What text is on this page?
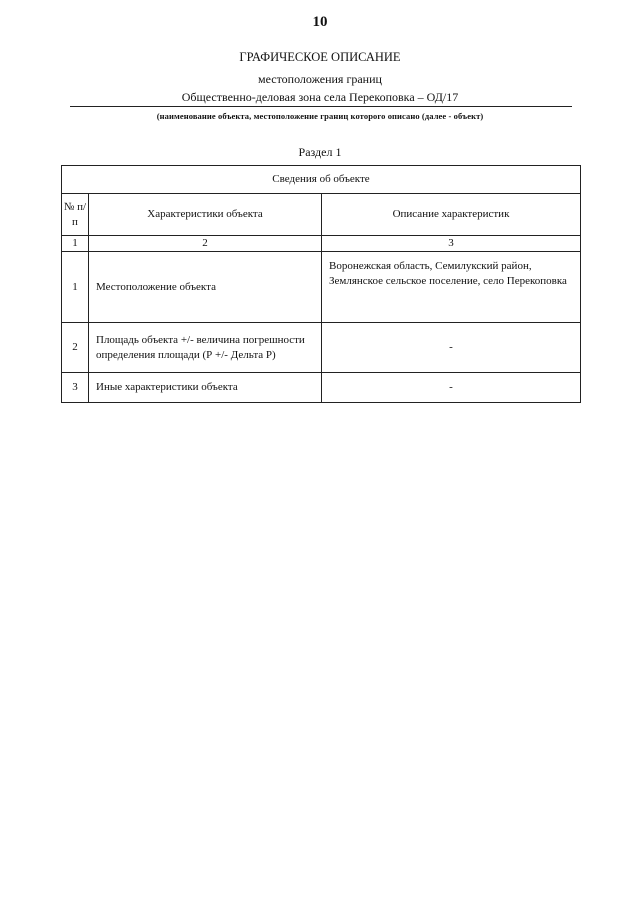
10
ГРАФИЧЕСКОЕ ОПИСАНИЕ
местоположения границ
Общественно-деловая зона села Перекоповка – ОД/17
(наименование объекта, местоположение границ которого описано (далее - объект)
Раздел 1
Сведения об объекте		
№ п/п	Характеристики объекта	Описание характеристик
1	2	3
1	Местоположение объекта	Воронежская область, Семилукский район, Землянское сельское поселение, село Перекоповка
2	Площадь объекта +/- величина погрешности определения площади (Р +/- Дельта Р)	-
3	Иные характеристики объекта	-
